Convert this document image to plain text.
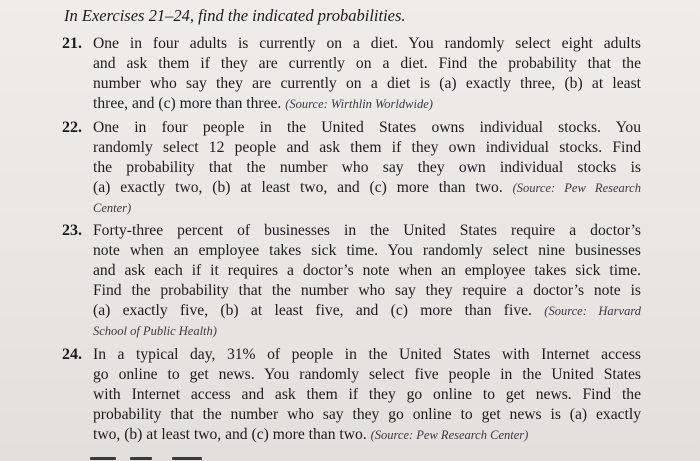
In Exercises 21–24, find the indicated probabilities.
21. One in four adults is currently on a diet. You randomly select eight adults
and ask them if they are currently on a diet. Find the probability that the
number who say they are currently on a diet is (a) exactly three, (b) at least
three, and (c) more than three. (Source: Wirthlin Worldwide)
22. One in four people in the United States owns individual stocks. You
randomly select 12 people and ask them if they own individual stocks. Find
the probability that the number who say they own individual stocks is
(a) exactly two, (b) at least two, and (c) more than two. (Source: Pew Research
Center)
23. Forty-three percent of businesses in the United States require a doctor’s
note when an employee takes sick time. You randomly select nine businesses
and ask each if it requires a doctor’s note when an employee takes sick time.
Find the probability that the number who say they require a doctor’s note is
(a) exactly five, (b) at least five, and (c) more than five. (Source: Harvard
School of Public Health)
24. In a typical day, 31% of people in the United States with Internet access
go online to get news. You randomly select five people in the United States
with Internet access and ask them if they go online to get news. Find the
probability that the number who say they go online to get news is (a) exactly
two, (b) at least two, and (c) more than two. (Source: Pew Research Center)
